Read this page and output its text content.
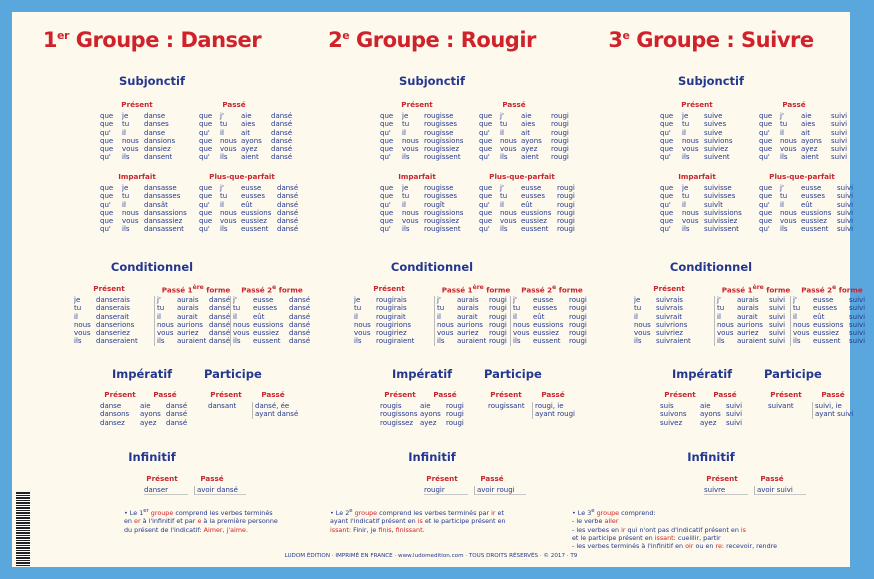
1er Groupe : Danser
Subjonctif
Présent
que	je	danse
que	tu	danses
qu'	il	danse
que	nous dansions
que	vous dansiez
qu'	ils	dansent
Passé
que	j'	aie	dansé
que	tu	aies	dansé
qu'	il	ait	dansé
que	nous ayons	dansé
que	vous ayez	dansé
qu'	ils	aient	dansé
Imparfait
que	je	dansasse
que	tu	dansasses
qu'	il	dansât
que	nous dansassions
que	vous dansassiez
qu'	ils	dansassent
Plus-que-parfait
que	j'	eusse	dansé
que	tu	eusses	dansé
qu'	il	eût	dansé
que	nous eussions dansé
que	vous eussiez	dansé
qu'	ils	eussent	dansé
Conditionnel
Présent
je	danserais
tu	danserais
il	danserait
nous danserions
vous danseriez
ils	danseraient
Passé 1ère forme
j'	aurais	dansé
tu	aurais	dansé
il	aurait	dansé
nous aurions dansé
vous auriez	dansé
ils	auraient dansé
Passé 2e forme
j'	eusse	dansé
tu	eusses	dansé
il	eût	dansé
nous eussions dansé
vous eussiez	dansé
ils	eussent	dansé
Impératif	Participe
Présent
danse
dansons
dansez
Passé
aie	dansé
ayons dansé
ayez	dansé
Présent
dansant
Passé
dansé, ée
ayant dansé
Infinitif
Présent
danser
Passé
avoir dansé
• Le 1er groupe comprend les verbes terminés
en er à l'infinitif et par e à la première personne
du présent de l'indicatif: Aimer, j'aime.
2e Groupe : Rougir
Subjonctif
Présent
que	je	rougisse
que	tu	rougisses
qu'	il	rougisse
que	nous rougissions
que	vous rougissiez
qu'	ils	rougissent
Passé
que	j'	aie	rougi
que	tu	aies	rougi
qu'	il	ait	rougi
que	nous ayons	rougi
que	vous ayez	rougi
qu'	ils	aient	rougi
Imparfait
que	je	rougisse
que	tu	rougisses
qu'	il	rougît
que	nous rougissions
que	vous rougissiez
qu'	ils	rougissent
Plus-que-parfait
que	j'	eusse	rougi
que	tu	eusses	rougi
qu'	il	eût	rougi
que	nous eussions rougi
que	vous eussiez	rougi
qu'	ils	eussent	rougi
Conditionnel
Présent
je	rougirais
tu	rougirais
il	rougirait
nous rougirions
vous rougiriez
ils	rougiraient
Passé 1ère forme
j'	aurais	rougi
tu	aurais	rougi
il	aurait	rougi
nous aurions rougi
vous auriez	rougi
ils	auraient rougi
Passé 2e forme
j'	eusse	rougi
tu	eusses	rougi
il	eût	rougi
nous eussions rougi
vous eussiez	rougi
ils	eussent	rougi
Impératif	Participe
Présent
rougis
rougissons
rougissez
Passé
aie	rougi
ayons rougi
ayez	rougi
Présent
rougissant
Passé
rougi, ie
ayant rougi
Infinitif
Présent
rougir
Passé
avoir rougi
• Le 2e groupe comprend les verbes terminés par ir et
ayant l'indicatif présent en is et le participe présent en
issant: Finir, je finis, finissant.
3e Groupe : Suivre
Subjonctif
Présent
que	je	suive
que	tu	suives
qu'	il	suive
que	nous suivions
que	vous suiviez
qu'	ils	suivent
Passé
que	j'	aie	suivi
que	tu	aies	suivi
qu'	il	ait	suivi
que	nous ayons	suivi
que	vous ayez	suivi
qu'	ils	aient	suivi
Imparfait
que	je	suivisse
que	tu	suivisses
qu'	il	suivît
que	nous suivissions
que	vous suivissiez
qu'	ils	suivissent
Plus-que-parfait
que	j'	eusse	suivi
que	tu	eusses	suivi
qu'	il	eût	suivi
que	nous eussions suivi
que	vous eussiez	suivi
qu'	ils	eussent	suivi
Conditionnel
Présent
je	suivrais
tu	suivrais
il	suivrait
nous suivrions
vous suivriez
ils	suivraient
Passé 1ère forme
j'	aurais	suivi
tu	aurais	suivi
il	aurait	suivi
nous aurions suivi
vous auriez	suivi
ils	auraient suivi
Passé 2e forme
j'	eusse	suivi
tu	eusses	suivi
il	eût	suivi
nous eussions suivi
vous eussiez	suivi
ils	eussent	suivi
Impératif	Participe
Présent
suis
suivons
suivez
Passé
aie	suivi
ayons suivi
ayez	suivi
Présent
suivant
Passé
suivi, ie
ayant suivi
Infinitif
Présent
suivre
Passé
avoir suivi
• Le 3e groupe comprend:
- le verbe aller
- les verbes en ir qui n'ont pas d'indicatif présent en is
et le participe présent en issant: cueillir, partir
- les verbes terminés à l'infinitif en oir ou en re: recevoir, rendre
LUDOM ÉDITION · IMPRIMÉ EN FRANCE · www.ludomedition.com · TOUS DROITS RÉSERVÉS · © 2017 · T9
